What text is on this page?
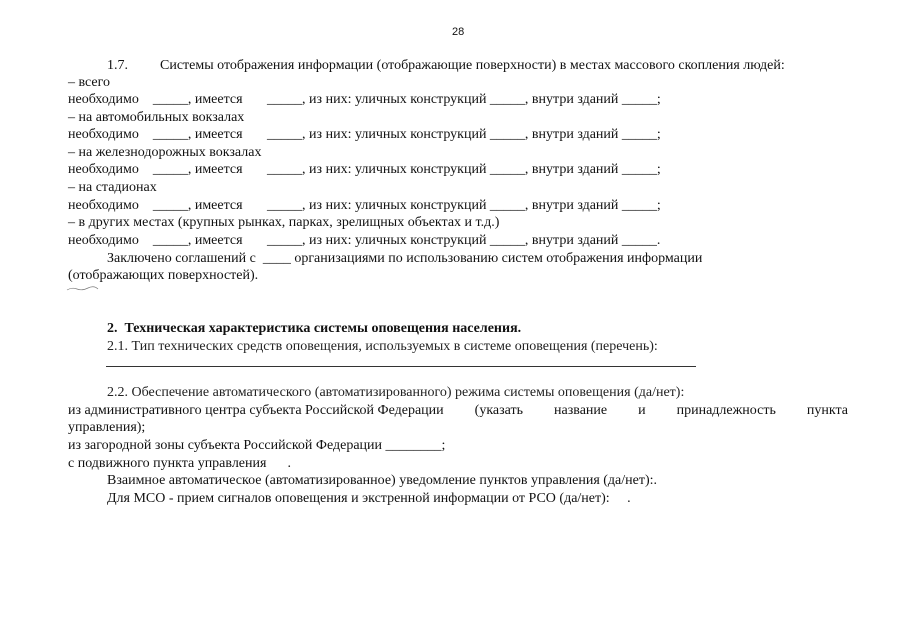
28
1.7. Системы отображения информации (отображающие поверхности) в местах массового скопления людей:
– всего
необходимо    _____, имеется       _____, из них: уличных конструкций _____, внутри зданий _____;
– на автомобильных вокзалах
необходимо    _____, имеется       _____, из них: уличных конструкций _____, внутри зданий _____;
– на железнодорожных вокзалах
необходимо    _____, имеется       _____, из них: уличных конструкций _____, внутри зданий _____;
– на стадионах
необходимо    _____, имеется       _____, из них: уличных конструкций _____, внутри зданий _____;
– в других местах (крупных рынках, парках, зрелищных объектах и т.д.)
необходимо    _____, имеется       _____, из них: уличных конструкций _____, внутри зданий _____.
Заключено соглашений с  ____ организациями по использованию систем отображения информации
(отображающих поверхностей).
2.  Техническая характеристика системы оповещения населения.
2.1. Тип технических средств оповещения, используемых в системе оповещения (перечень):
2.2. Обеспечение автоматического (автоматизированного) режима системы оповещения (да/нет):
из административного центра субъекта Российской Федерации (указать название и принадлежность пункта
управления);
из загородной зоны субъекта Российской Федерации ________;
с подвижного пункта управления      .
Взаимное автоматическое (автоматизированное) уведомление пунктов управления (да/нет):.
Для МСО - прием сигналов оповещения и экстренной информации от РСО (да/нет):     .
